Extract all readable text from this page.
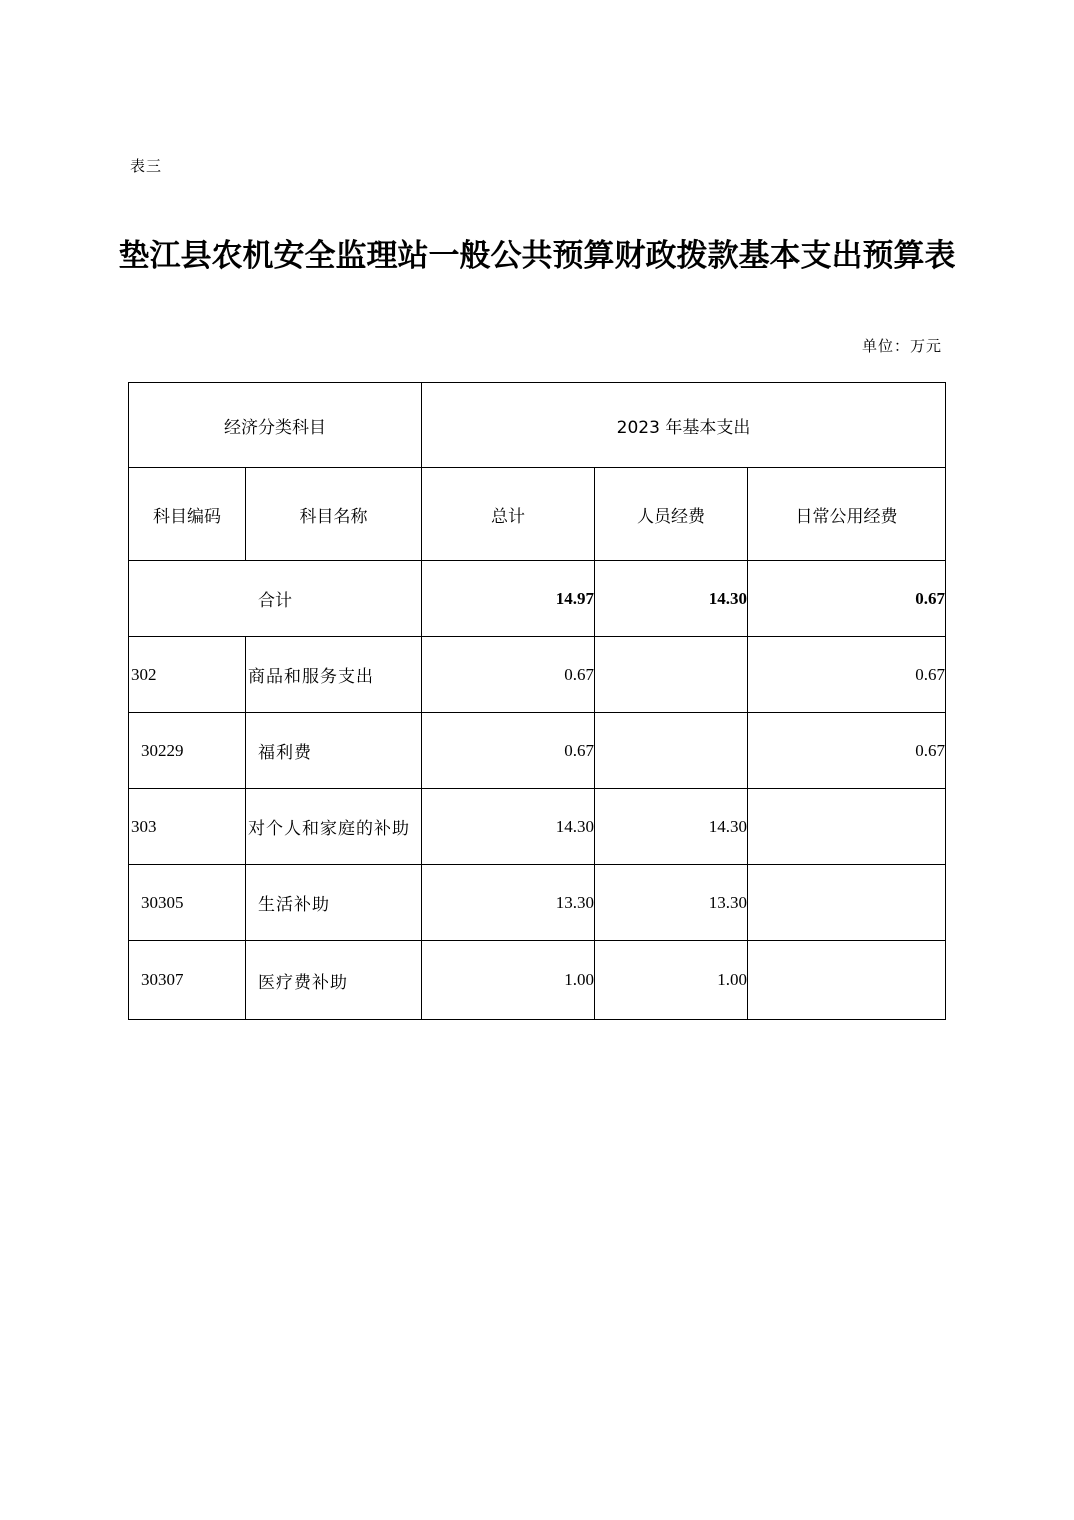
表三
垫江县农机安全监理站一般公共预算财政拨款基本支出预算表
单位：万元
经济分类科目		2023 年基本支出		
科目编码	科目名称	总计	人员经费	日常公用经费
合计		14.97	14.30	0.67
302	商品和服务支出	0.67		0.67
30229	福利费	0.67		0.67
303	对个人和家庭的补助	14.30	14.30	
30305	生活补助	13.30	13.30	
30307	医疗费补助	1.00	1.00	
